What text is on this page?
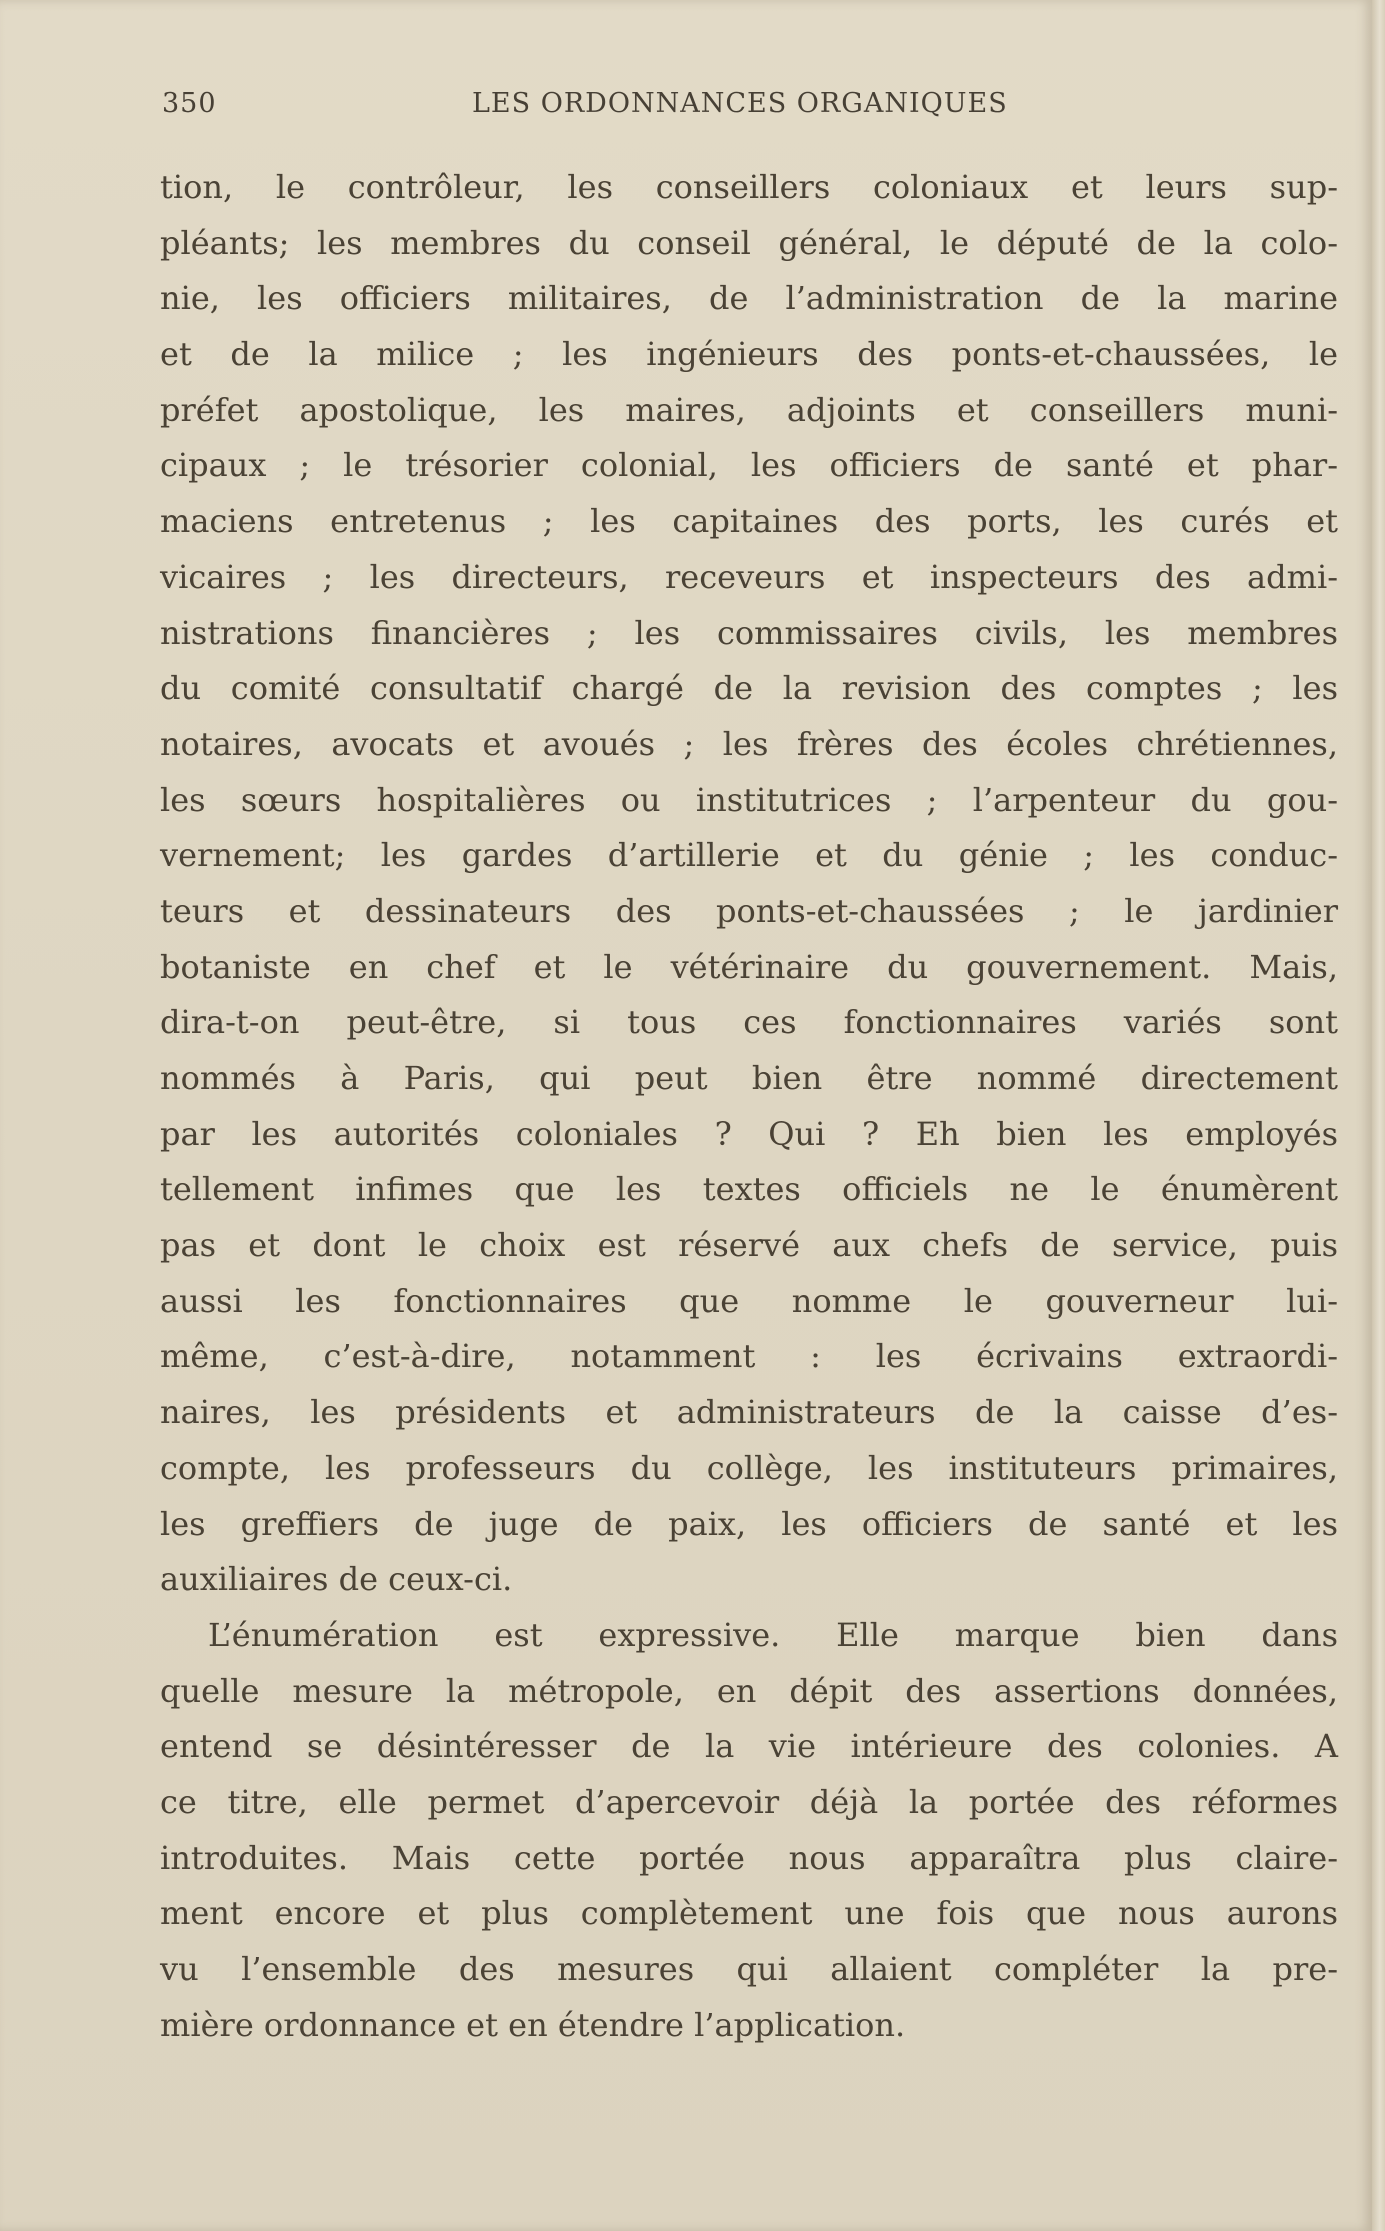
350	LES ORDONNANCES ORGANIQUES
tion, le contrôleur, les conseillers coloniaux et leurs sup-
pléants; les membres du conseil général, le député de la colo-
nie, les officiers militaires, de l’administration de la marine
et de la milice ; les ingénieurs des ponts-et-chaussées, le
préfet apostolique, les maires, adjoints et conseillers muni-
cipaux ; le trésorier colonial, les officiers de santé et phar-
maciens entretenus ; les capitaines des ports, les curés et
vicaires ; les directeurs, receveurs et inspecteurs des admi-
nistrations financières ; les commissaires civils, les membres
du comité consultatif chargé de la revision des comptes ; les
notaires, avocats et avoués ; les frères des écoles chrétiennes,
les sœurs hospitalières ou institutrices ; l’arpenteur du gou-
vernement; les gardes d’artillerie et du génie ; les conduc-
teurs et dessinateurs des ponts-et-chaussées ; le jardinier
botaniste en chef et le vétérinaire du gouvernement. Mais,
dira-t-on peut-être, si tous ces fonctionnaires variés sont
nommés à Paris, qui peut bien être nommé directement
par les autorités coloniales ? Qui ? Eh bien les employés
tellement infimes que les textes officiels ne le énumèrent
pas et dont le choix est réservé aux chefs de service, puis
aussi les fonctionnaires que nomme le gouverneur lui-
même, c’est-à-dire, notamment : les écrivains extraordi-
naires, les présidents et administrateurs de la caisse d’es-
compte, les professeurs du collège, les instituteurs primaires,
les greffiers de juge de paix, les officiers de santé et les
auxiliaires de ceux-ci.
L’énumération est expressive. Elle marque bien dans
quelle mesure la métropole, en dépit des assertions données,
entend se désintéresser de la vie intérieure des colonies. A
ce titre, elle permet d’apercevoir déjà la portée des réformes
introduites. Mais cette portée nous apparaîtra plus claire-
ment encore et plus complètement une fois que nous aurons
vu l’ensemble des mesures qui allaient compléter la pre-
mière ordonnance et en étendre l’application.
